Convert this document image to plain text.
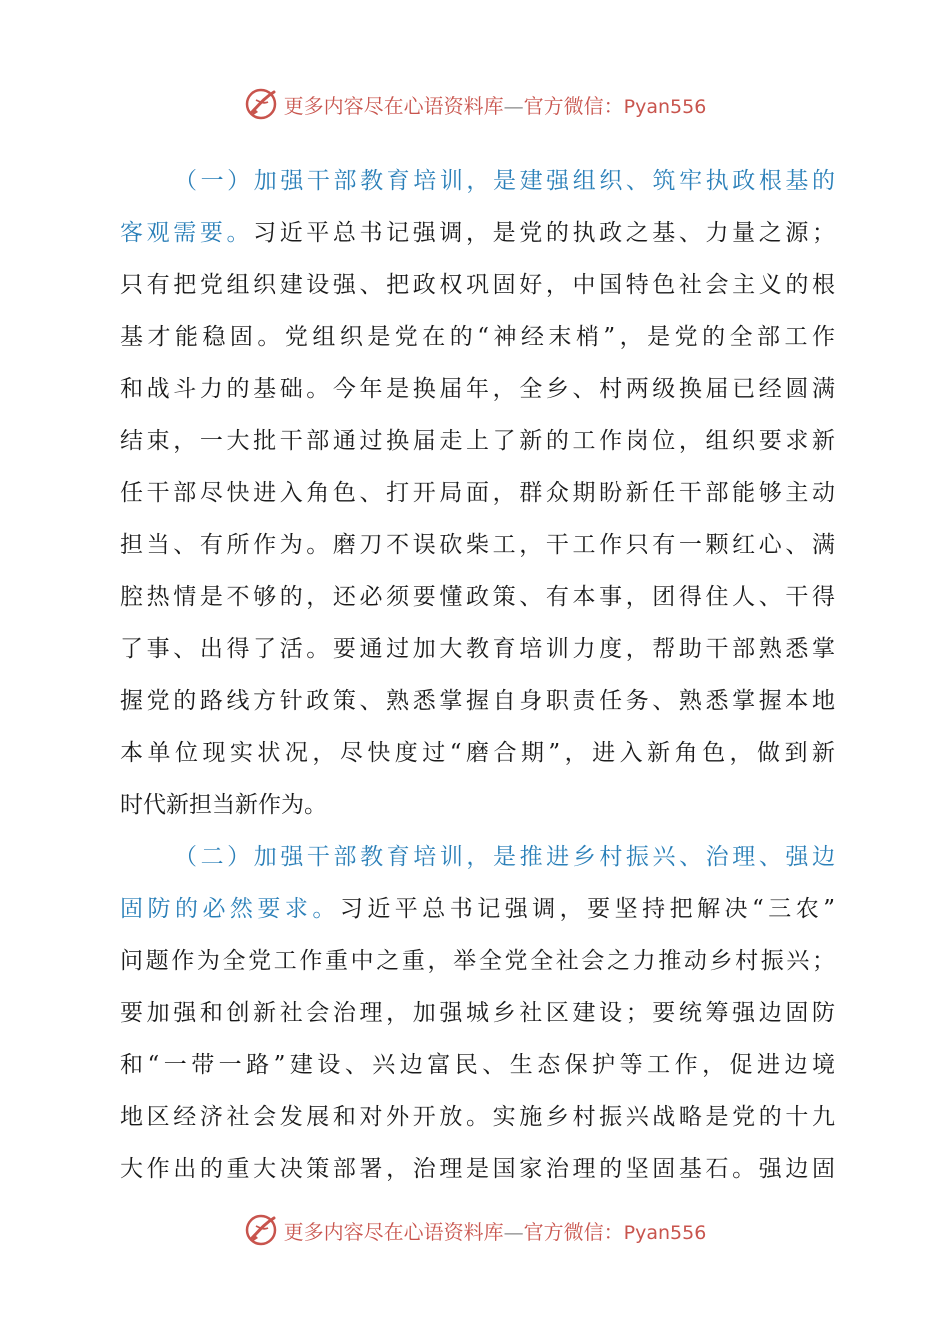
更多内容尽在心语资料库—官方微信：Pyan556
（一）加强干部教育培训，是建强组织、筑牢执政根基的
客观需要。习近平总书记强调，是党的执政之基、力量之源；
只有把党组织建设强、把政权巩固好，中国特色社会主义的根
基才能稳固。党组织是党在的“神经末梢”，是党的全部工作
和战斗力的基础。今年是换届年，全乡、村两级换届已经圆满
结束，一大批干部通过换届走上了新的工作岗位，组织要求新
任干部尽快进入角色、打开局面，群众期盼新任干部能够主动
担当、有所作为。磨刀不误砍柴工，干工作只有一颗红心、满
腔热情是不够的，还必须要懂政策、有本事，团得住人、干得
了事、出得了活。要通过加大教育培训力度，帮助干部熟悉掌
握党的路线方针政策、熟悉掌握自身职责任务、熟悉掌握本地
本单位现实状况，尽快度过“磨合期”，进入新角色，做到新
时代新担当新作为。
（二）加强干部教育培训，是推进乡村振兴、治理、强边
固防的必然要求。习近平总书记强调，要坚持把解决“三农”
问题作为全党工作重中之重，举全党全社会之力推动乡村振兴；
要加强和创新社会治理，加强城乡社区建设；要统筹强边固防
和“一带一路”建设、兴边富民、生态保护等工作，促进边境
地区经济社会发展和对外开放。实施乡村振兴战略是党的十九
大作出的重大决策部署，治理是国家治理的坚固基石。强边固
更多内容尽在心语资料库—官方微信：Pyan556
